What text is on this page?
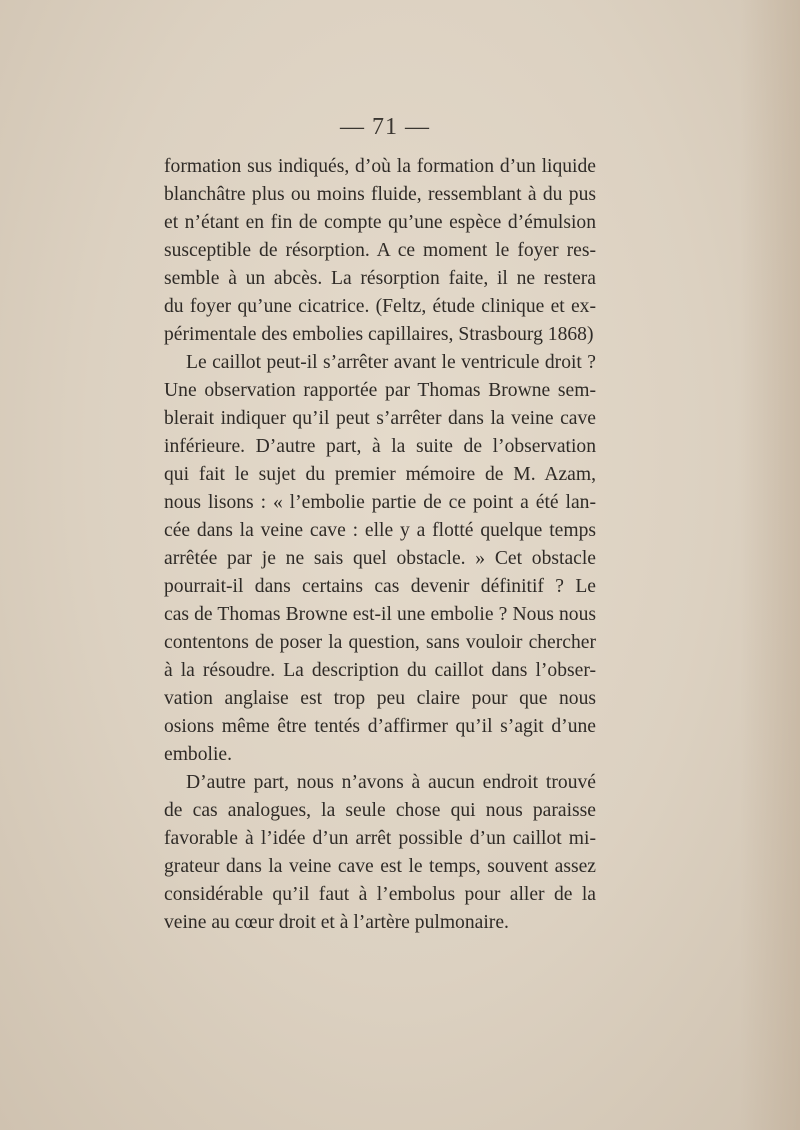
— 71 —
formation sus indiqués, d’où la formation d’un liquide
blanchâtre plus ou moins fluide, ressemblant à du pus
et n’étant en fin de compte qu’une espèce d’émulsion
susceptible de résorption. A ce moment le foyer res-
semble à un abcès. La résorption faite, il ne restera
du foyer qu’une cicatrice. (Feltz, étude clinique et ex-
périmentale des embolies capillaires, Strasbourg 1868)
Le caillot peut-il s’arrêter avant le ventricule droit ?
Une observation rapportée par Thomas Browne sem-
blerait indiquer qu’il peut s’arrêter dans la veine cave
inférieure. D’autre part, à la suite de l’observation
qui fait le sujet du premier mémoire de M. Azam,
nous lisons : « l’embolie partie de ce point a été lan-
cée dans la veine cave : elle y a flotté quelque temps
arrêtée par je ne sais quel obstacle. » Cet obstacle
pourrait-il dans certains cas devenir définitif ? Le
cas de Thomas Browne est-il une embolie ? Nous nous
contentons de poser la question, sans vouloir chercher
à la résoudre. La description du caillot dans l’obser-
vation anglaise est trop peu claire pour que nous
osions même être tentés d’affirmer qu’il s’agit d’une
embolie.
D’autre part, nous n’avons à aucun endroit trouvé
de cas analogues, la seule chose qui nous paraisse
favorable à l’idée d’un arrêt possible d’un caillot mi-
grateur dans la veine cave est le temps, souvent assez
considérable qu’il faut à l’embolus pour aller de la
veine au cœur droit et à l’artère pulmonaire.
